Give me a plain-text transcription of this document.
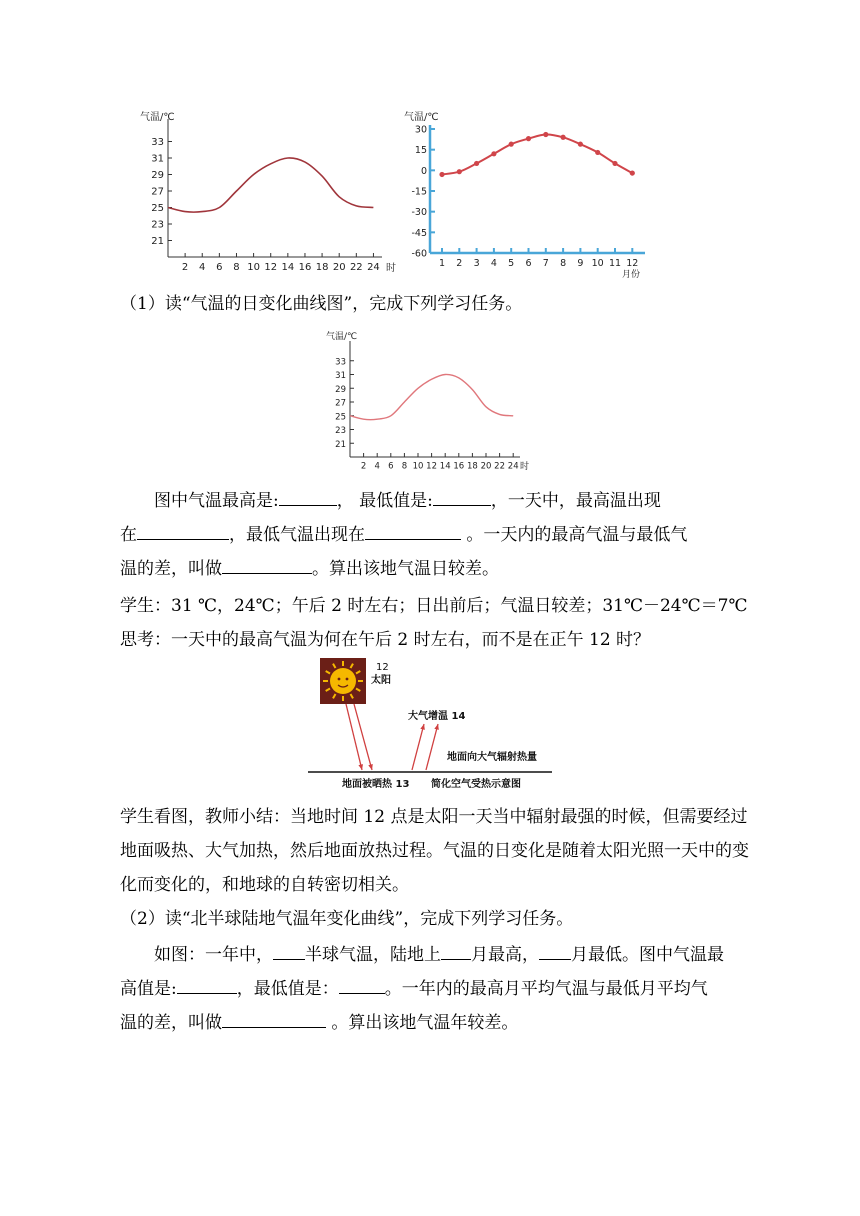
气温/℃
33
31
29
27
25
23
21
2 4 6 8 10 12 14 16 18 20 22 24 时
气温/℃
30
15
0
-15
-30
-45
-60
1 2 3 4 5 6 7 8 9 10 11 12
月份

（1）读“气温的日变化曲线图”，完成下列学习任务。

气温/℃
33
31
29
27
25
23
21
2 4 6 8 10 12 14 16 18 20 22 24 时

图中气温最高是:	， 最低值是:	，一天中，最高温出现

在	，最低气温出现在	。一天内的最高气温与最低气

温的差，叫做	。算出该地气温日较差。

学生：31 ℃，24℃；午后 2 时左右；日出前后；气温日较差；31℃－24℃＝7℃

思考：一天中的最高气温为何在午后 2 时左右，而不是在正午 12 时？

12
太阳
大气增温 14
地面向大气辐射热量
地面被晒热 13 简化空气受热示意图

学生看图，教师小结：当地时间 12 点是太阳一天当中辐射最强的时候，但需要经过地面吸热、大气加热，然后地面放热过程。气温的日变化是随着太阳光照一天中的变化而变化的，和地球的自转密切相关。

（2）读“北半球陆地气温年变化曲线”，完成下列学习任务。

如图：一年中， 半球气温，陆地上 月最高， 月最低。图中气温最

高值是:	，最低值是：	。一年内的最高月平均气温与最低月平均气

温的差，叫做	。算出该地气温年较差。
